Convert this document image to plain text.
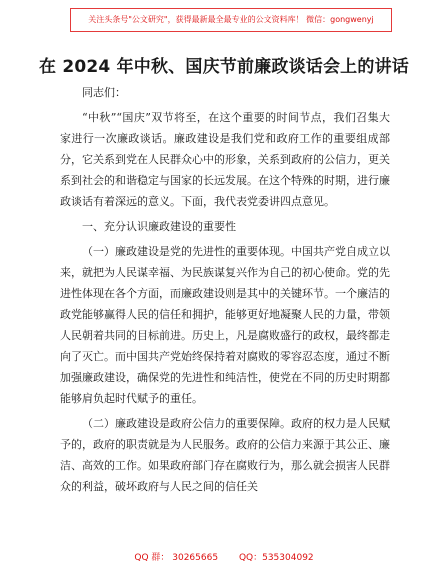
关注头条号"公文研究"，获得最新最全最专业的公文资料库！ 微信：gongwenyj
在 2024 年中秋、国庆节前廉政谈话会上的讲话

同志们：

“中秋”“国庆”双节将至，在这个重要的时间节点，我们召集大家进行一次廉政谈话。廉政建设是我们党和政府工作的重要组成部分，它关系到党在人民群众心中的形象，关系到政府的公信力，更关系到社会的和谐稳定与国家的长远发展。在这个特殊的时期，进行廉政谈话有着深远的意义。下面，我代表党委讲四点意见。

一、充分认识廉政建设的重要性

（一）廉政建设是党的先进性的重要体现。中国共产党自成立以来，就把为人民谋幸福、为民族谋复兴作为自己的初心使命。党的先进性体现在各个方面，而廉政建设则是其中的关键环节。一个廉洁的政党能够赢得人民的信任和拥护，能够更好地凝聚人民的力量，带领人民朝着共同的目标前进。历史上，凡是腐败盛行的政权，最终都走向了灭亡。而中国共产党始终保持着对腐败的零容忍态度，通过不断加强廉政建设，确保党的先进性和纯洁性，使党在不同的历史时期都能够肩负起时代赋予的重任。

（二）廉政建设是政府公信力的重要保障。政府的权力是人民赋予的，政府的职责就是为人民服务。政府的公信力来源于其公正、廉洁、高效的工作。如果政府部门存在腐败行为，那么就会损害人民群众的利益，破坏政府与人民之间的信任关

QQ 群： 30265665 QQ：535304092
